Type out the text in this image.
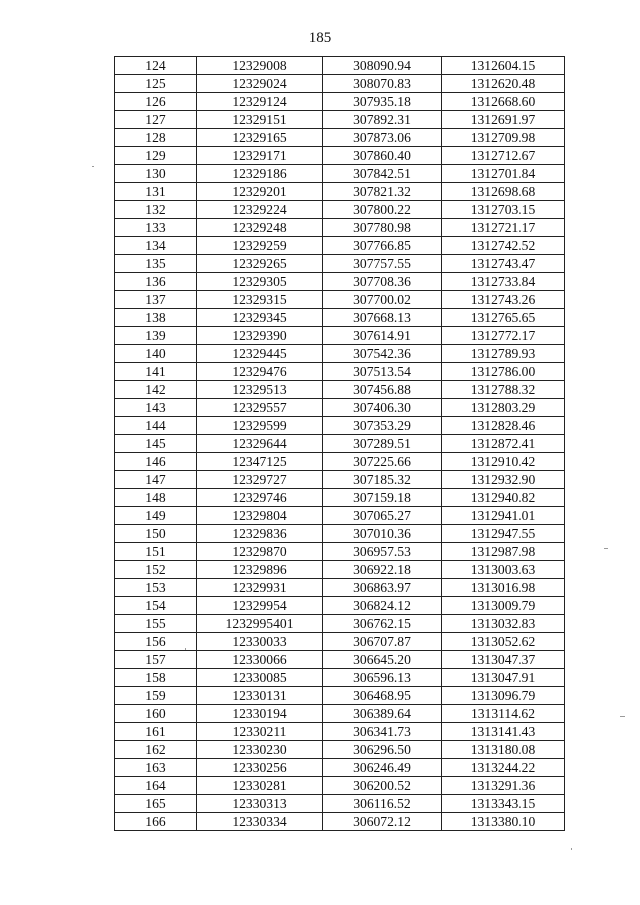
185
124	12329008	308090.94	1312604.15
125	12329024	308070.83	1312620.48
126	12329124	307935.18	1312668.60
127	12329151	307892.31	1312691.97
128	12329165	307873.06	1312709.98
129	12329171	307860.40	1312712.67
130	12329186	307842.51	1312701.84
131	12329201	307821.32	1312698.68
132	12329224	307800.22	1312703.15
133	12329248	307780.98	1312721.17
134	12329259	307766.85	1312742.52
135	12329265	307757.55	1312743.47
136	12329305	307708.36	1312733.84
137	12329315	307700.02	1312743.26
138	12329345	307668.13	1312765.65
139	12329390	307614.91	1312772.17
140	12329445	307542.36	1312789.93
141	12329476	307513.54	1312786.00
142	12329513	307456.88	1312788.32
143	12329557	307406.30	1312803.29
144	12329599	307353.29	1312828.46
145	12329644	307289.51	1312872.41
146	12347125	307225.66	1312910.42
147	12329727	307185.32	1312932.90
148	12329746	307159.18	1312940.82
149	12329804	307065.27	1312941.01
150	12329836	307010.36	1312947.55
151	12329870	306957.53	1312987.98
152	12329896	306922.18	1313003.63
153	12329931	306863.97	1313016.98
154	12329954	306824.12	1313009.79
155	1232995401	306762.15	1313032.83
156	12330033	306707.87	1313052.62
157	12330066	306645.20	1313047.37
158	12330085	306596.13	1313047.91
159	12330131	306468.95	1313096.79
160	12330194	306389.64	1313114.62
161	12330211	306341.73	1313141.43
162	12330230	306296.50	1313180.08
163	12330256	306246.49	1313244.22
164	12330281	306200.52	1313291.36
165	12330313	306116.52	1313343.15
166	12330334	306072.12	1313380.10
